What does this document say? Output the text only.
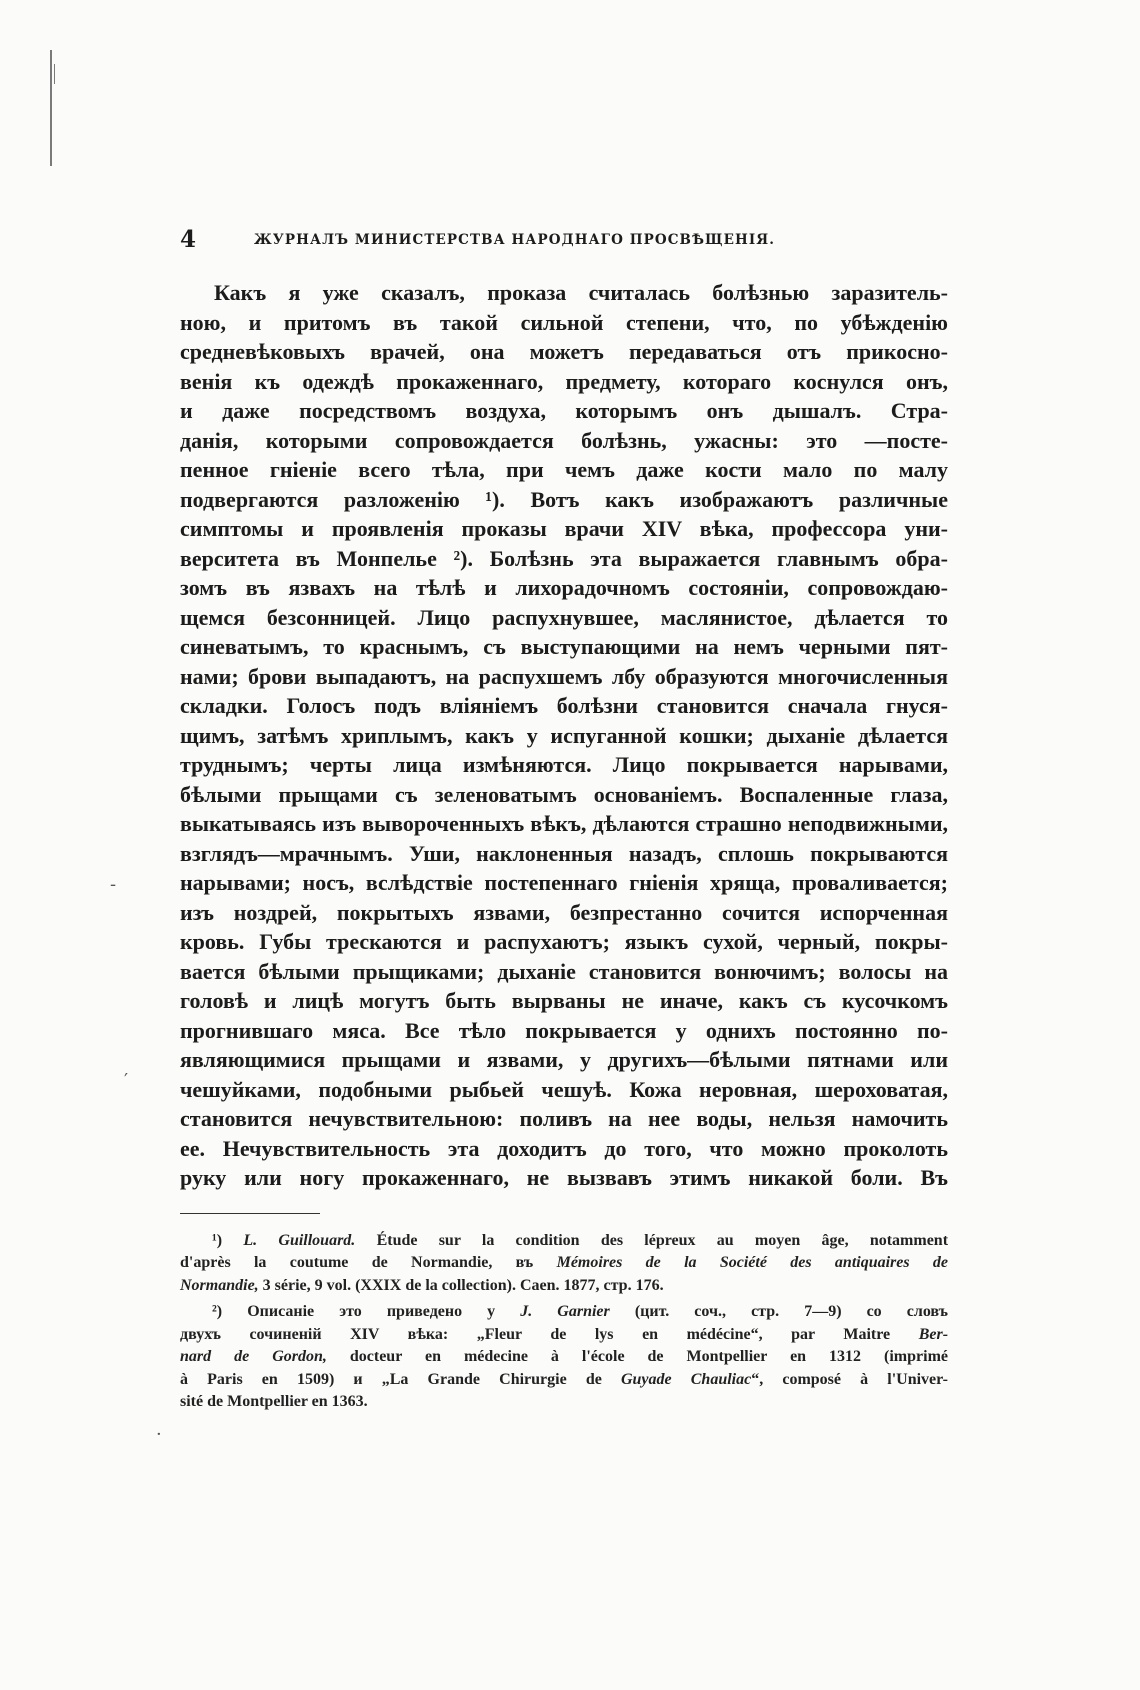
-
′
·
4	ЖУРНАЛЪ МИНИСТЕРСТВА НАРОДНАГО ПРОСВѢЩЕНІЯ.
Какъ я уже сказалъ, проказа считалась болѣзнью заразитель-
ною, и притомъ въ такой сильной степени, что, по убѣжденію
средневѣковыхъ врачей, она можетъ передаваться отъ прикосно-
венія къ одеждѣ прокаженнаго, предмету, котораго коснулся онъ,
и даже посредствомъ воздуха, которымъ онъ дышалъ. Стра-
данія, которыми сопровождается болѣзнь, ужасны: это —посте-
пенное гніеніе всего тѣла, при чемъ даже кости мало по малу
подвергаются разложенію ¹). Вотъ какъ изображаютъ различные
симптомы и проявленія проказы врачи XIV вѣка, профессора уни-
верситета въ Монпелье ²). Болѣзнь эта выражается главнымъ обра-
зомъ въ язвахъ на тѣлѣ и лихорадочномъ состояніи, сопровождаю-
щемся безсонницей. Лицо распухнувшее, маслянистое, дѣлается то
синеватымъ, то краснымъ, съ выступающими на немъ черными пят-
нами; брови выпадаютъ, на распухшемъ лбу образуются многочисленныя
складки. Голосъ подъ вліяніемъ болѣзни становится сначала гнуся-
щимъ, затѣмъ хриплымъ, какъ у испуганной кошки; дыханіе дѣлается
труднымъ; черты лица измѣняются. Лицо покрывается нарывами,
бѣлыми прыщами съ зеленоватымъ основаніемъ. Воспаленные глаза,
выкатываясь изъ вывороченныхъ вѣкъ, дѣлаются страшно неподвижными,
взглядъ—мрачнымъ. Уши, наклоненныя назадъ, сплошь покрываются
нарывами; носъ, вслѣдствіе постепеннаго гніенія хряща, проваливается;
изъ ноздрей, покрытыхъ язвами, безпрестанно сочится испорченная
кровь. Губы трескаются и распухаютъ; языкъ сухой, черный, покры-
вается бѣлыми прыщиками; дыханіе становится вонючимъ; волосы на
головѣ и лицѣ могутъ быть вырваны не иначе, какъ съ кусочкомъ
прогнившаго мяса. Все тѣло покрывается у однихъ постоянно по-
являющимися прыщами и язвами, у другихъ—бѣлыми пятнами или
чешуйками, подобными рыбьей чешуѣ. Кожа неровная, шероховатая,
становится нечувствительною: поливъ на нее воды, нельзя намочить
ее. Нечувствительность эта доходитъ до того, что можно проколоть
руку или ногу прокаженнаго, не вызвавъ этимъ никакой боли. Въ
¹) L. Guillouard. Étude sur la condition des lépreux au moyen âge, notamment
d'après la coutume de Normandie, въ Mémoires de la Société des antiquaires de
Normandie, 3 série, 9 vol. (XXIX de la collection). Caen. 1877, стр. 176.
²) Описаніе это приведено у J. Garnier (цит. соч., стр. 7—9) со словъ
двухъ сочиненій XIV вѣка: „Fleur de lys en médécine“, par Maitre Ber-
nard de Gordon, docteur en médecine à l'école de Montpellier en 1312 (imprimé
à Paris en 1509) и „La Grande Chirurgie de Guyade Chauliac“, composé à l'Univer-
sité de Montpellier en 1363.
